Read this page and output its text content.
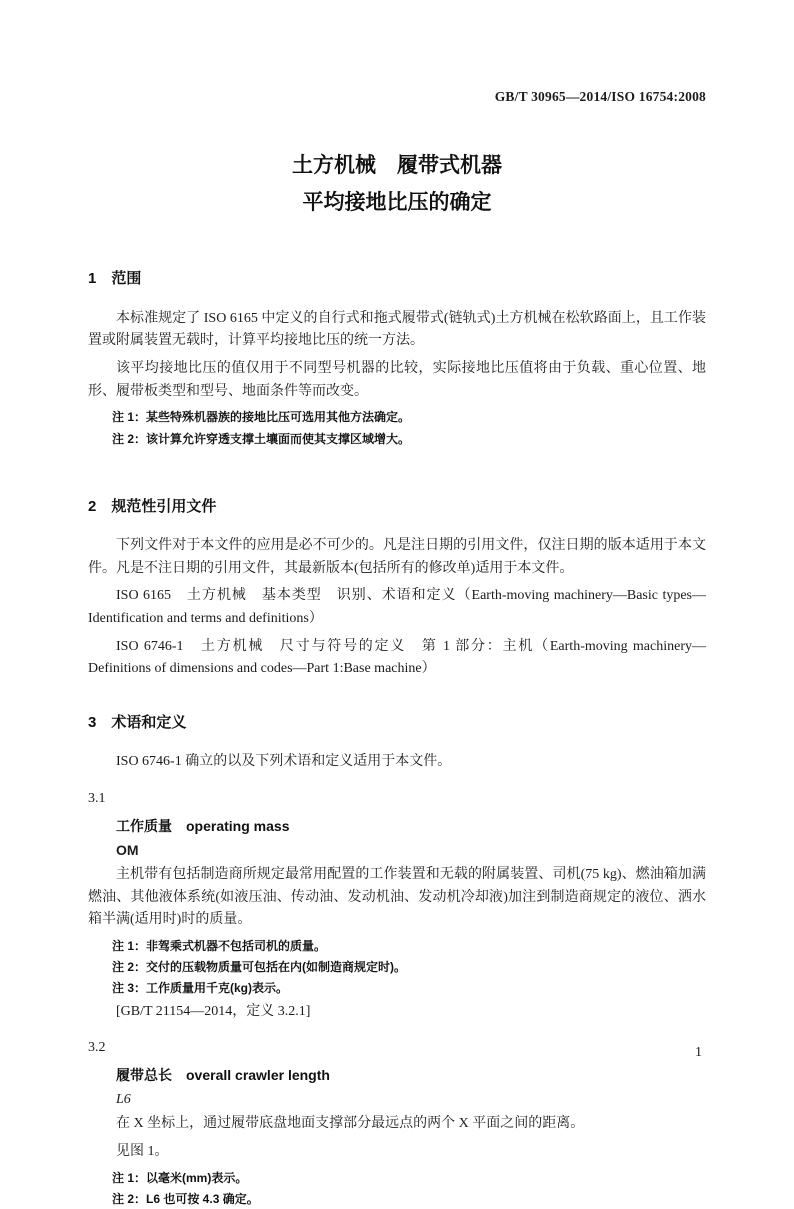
GB/T 30965—2014/ISO 16754:2008
土方机械　履带式机器
平均接地比压的确定
1　范围

本标准规定了 ISO 6165 中定义的自行式和拖式履带式(链轨式)土方机械在松软路面上，且工作装置或附属装置无载时，计算平均接地比压的统一方法。

该平均接地比压的值仅用于不同型号机器的比较，实际接地比压值将由于负载、重心位置、地形、履带板类型和型号、地面条件等而改变。

注 1：某些特殊机器族的接地比压可选用其他方法确定。
注 2：该计算允许穿透支撑土壤面而使其支撑区域增大。
2　规范性引用文件

下列文件对于本文件的应用是必不可少的。凡是注日期的引用文件，仅注日期的版本适用于本文件。凡是不注日期的引用文件，其最新版本(包括所有的修改单)适用于本文件。

ISO 6165　土方机械　基本类型　识别、术语和定义（Earth-moving machinery—Basic types—Identification and terms and definitions）

ISO 6746-1　土方机械　尺寸与符号的定义　第 1 部分：主机（Earth-moving machinery—Definitions of dimensions and codes—Part 1:Base machine）

3　术语和定义

ISO 6746-1 确立的以及下列术语和定义适用于本文件。

3.1
工作质量　operating mass
OM

主机带有包括制造商所规定最常用配置的工作装置和无载的附属装置、司机(75 kg)、燃油箱加满燃油、其他液体系统(如液压油、传动油、发动机油、发动机冷却液)加注到制造商规定的液位、洒水箱半满(适用时)时的质量。

注 1：非驾乘式机器不包括司机的质量。
注 2：交付的压载物质量可包括在内(如制造商规定时)。
注 3：工作质量用千克(kg)表示。

[GB/T 21154—2014，定义 3.2.1]

3.2
履带总长　overall crawler length
L6

在 X 坐标上，通过履带底盘地面支撑部分最远点的两个 X 平面之间的距离。

见图 1。

注 1：以毫米(mm)表示。
注 2：L6 也可按 4.3 确定。
1
